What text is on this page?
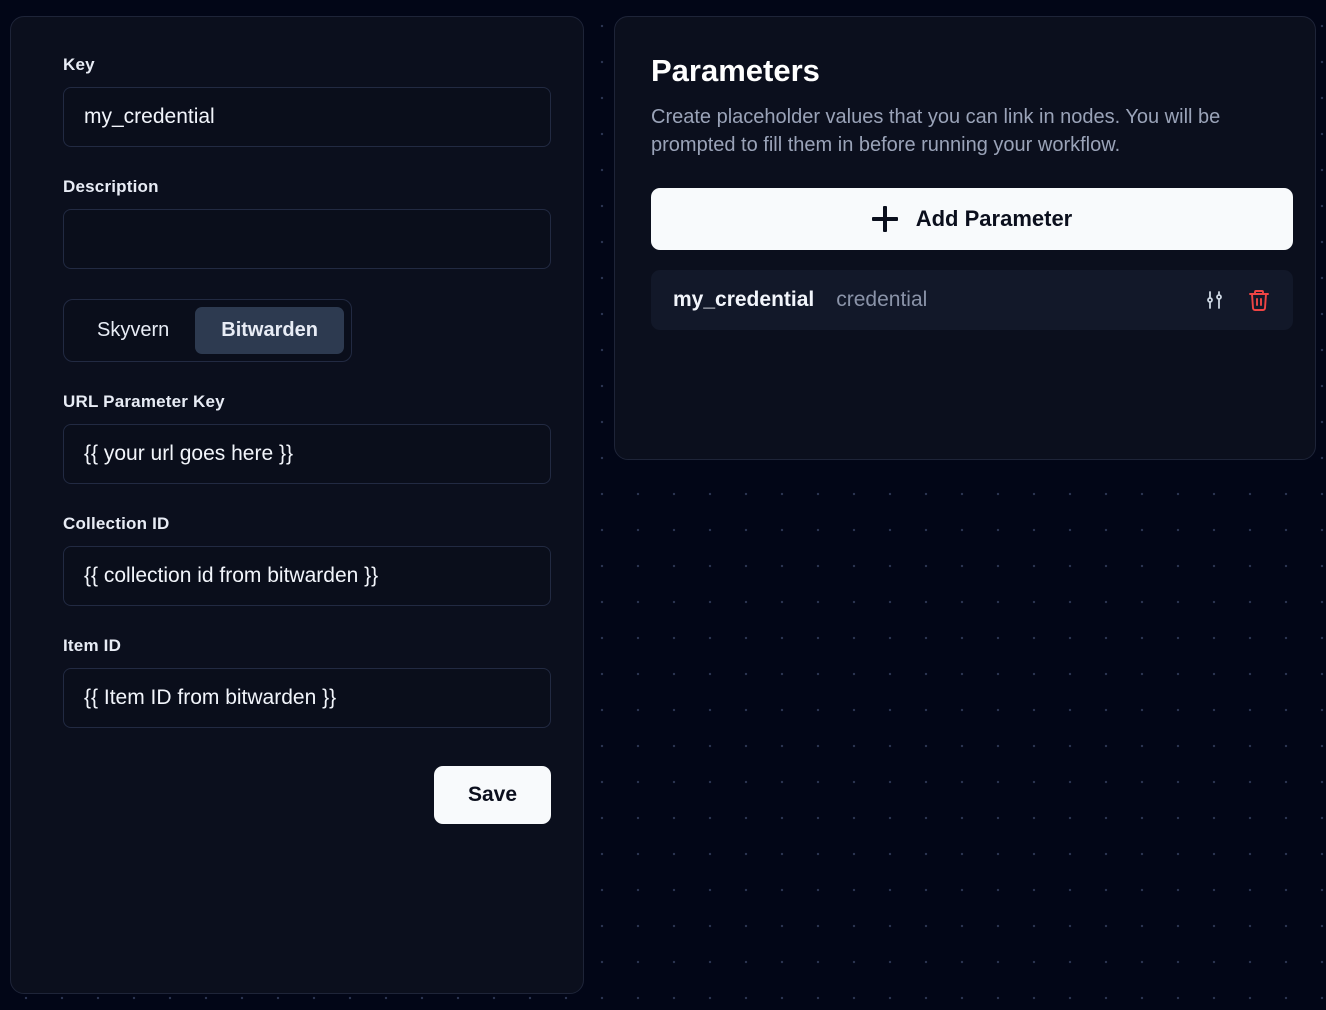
Key
my_credential
Description

Skyvern	Bitwarden
URL Parameter Key
{{ your url goes here }}
Collection ID
{{ collection id from bitwarden }}
Item ID
{{ Item ID from bitwarden }}
Save
Parameters

Create placeholder values that you can link in nodes. You will be prompted to fill them in before running your workflow.

Add Parameter
my_credential credential
